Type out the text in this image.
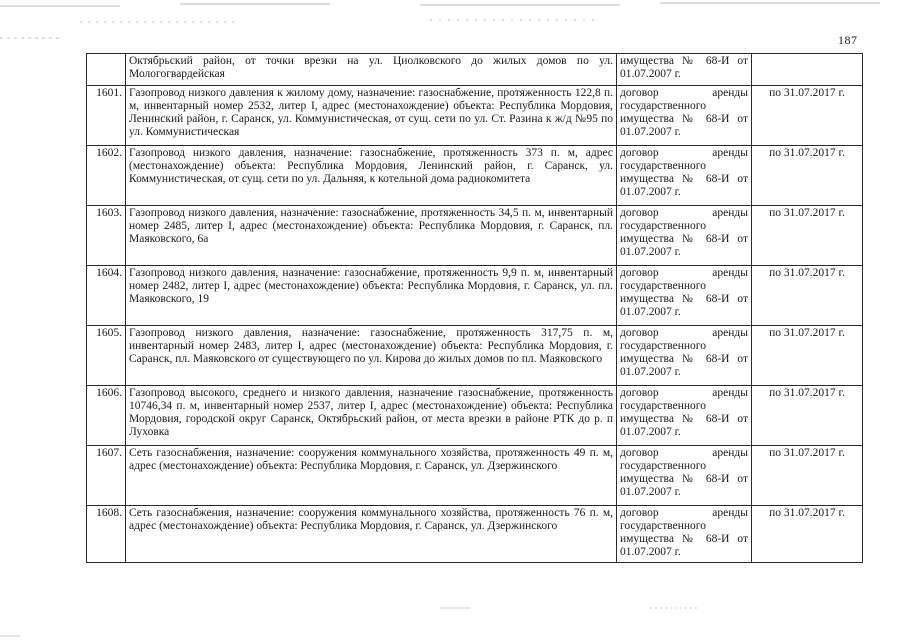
187
	Октябрьский район, от точки врезки на ул. Циолковского до жилых домов по ул. Мологогвардейская	имущества № 68-И от 01.07.2007 г.	
1601.	Газопровод низкого давления к жилому дому, назначение: газоснабжение, протяженность 122,8 п. м, инвентарный номер 2532, литер I, адрес (местонахождение) объекта: Республика Мордовия, Ленинский район, г. Саранск, ул. Коммунистическая, от сущ. сети по ул. Ст. Разина к ж/д №95 по ул. Коммунистическая	договор аренды государственного имущества № 68-И от 01.07.2007 г.	по 31.07.2017 г.
1602.	Газопровод низкого давления, назначение: газоснабжение, протяженность 373 п. м, адрес (местонахождение) объекта: Республика Мордовия, Ленинский район, г. Саранск, ул. Коммунистическая, от сущ. сети по ул. Дальняя, к котельной дома радиокомитета	договор аренды государственного имущества № 68-И от 01.07.2007 г.	по 31.07.2017 г.
1603.	Газопровод низкого давления, назначение: газоснабжение, протяженность 34,5 п. м, инвентарный номер 2485, литер I, адрес (местонахождение) объекта: Республика Мордовия, г. Саранск, пл. Маяковского, 6а	договор аренды государственного имущества № 68-И от 01.07.2007 г.	по 31.07.2017 г.
1604.	Газопровод низкого давления, назначение: газоснабжение, протяженность 9,9 п. м, инвентарный номер 2482, литер I, адрес (местонахождение) объекта: Республика Мордовия, г. Саранск, ул. пл. Маяковского, 19	договор аренды государственного имущества № 68-И от 01.07.2007 г.	по 31.07.2017 г.
1605.	Газопровод низкого давления, назначение: газоснабжение, протяженность 317,75 п. м, инвентарный номер 2483, литер I, адрес (местонахождение) объекта: Республика Мордовия, г. Саранск, пл. Маяковского от существующего по ул. Кирова до жилых домов по пл. Маяковского	договор аренды государственного имущества № 68-И от 01.07.2007 г.	по 31.07.2017 г.
1606.	Газопровод высокого, среднего и низкого давления, назначение газоснабжение, протяженность 10746,34 п. м, инвентарный номер 2537, литер I, адрес (местонахождение) объекта: Республика Мордовия, городской округ Саранск, Октябрьский район, от места врезки в районе РТК до р. п Луховка	договор аренды государственного имущества № 68-И от 01.07.2007 г.	по 31.07.2017 г.
1607.	Сеть газоснабжения, назначение: сооружения коммунального хозяйства, протяженность 49 п. м, адрес (местонахождение) объекта: Республика Мордовия, г. Саранск, ул. Дзержинского	договор аренды государственного имущества № 68-И от 01.07.2007 г.	по 31.07.2017 г.
1608.	Сеть газоснабжения, назначение: сооружения коммунального хозяйства, протяженность 76 п. м, адрес (местонахождение) объекта: Республика Мордовия, г. Саранск, ул. Дзержинского	договор аренды государственного имущества № 68-И от 01.07.2007 г.	по 31.07.2017 г.
